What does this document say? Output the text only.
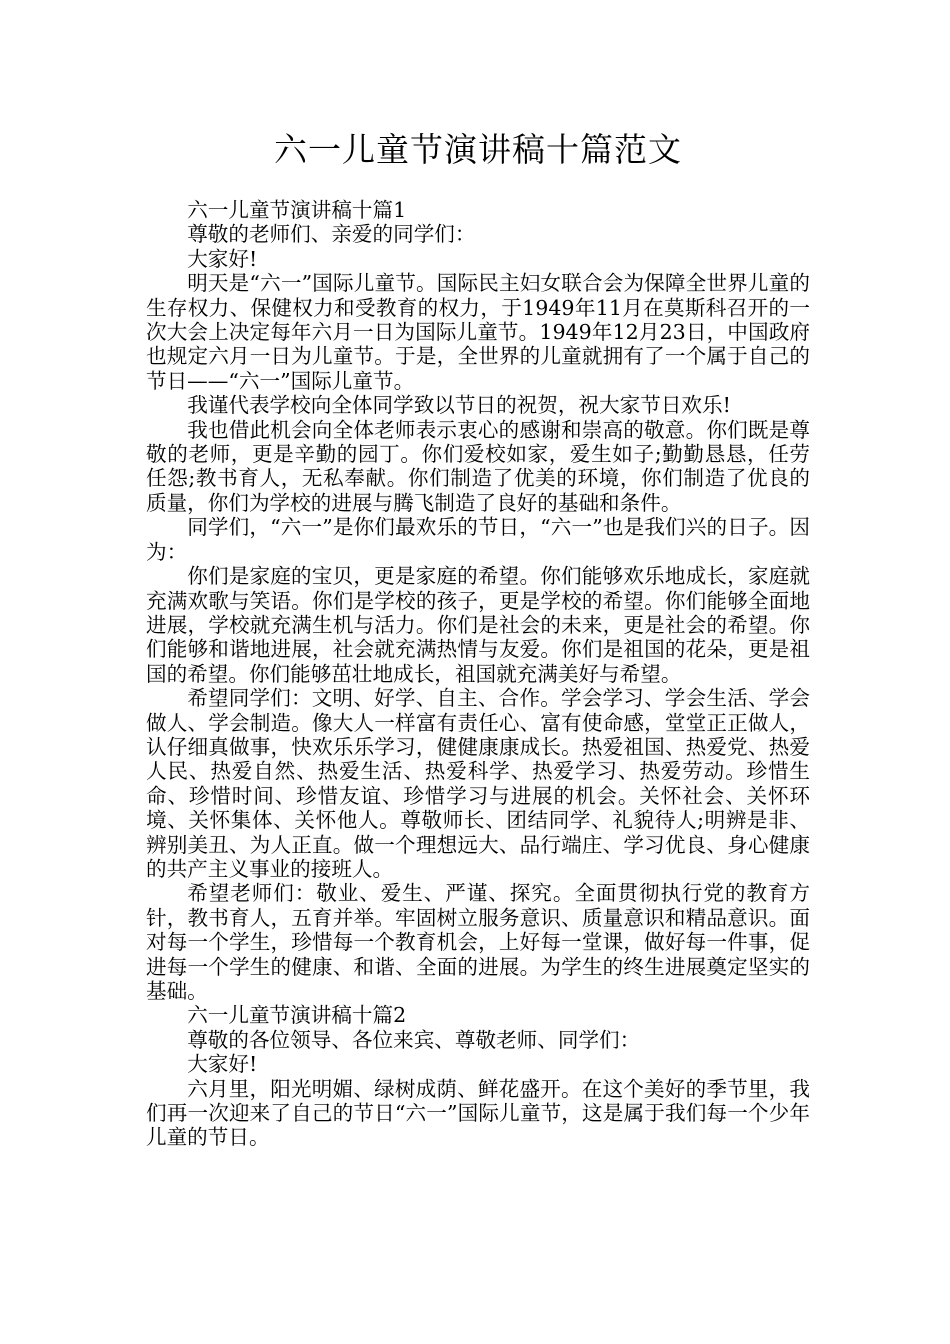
六一儿童节演讲稿十篇范文

六一儿童节演讲稿十篇1

尊敬的老师们、亲爱的同学们：

大家好!

明天是“六一”国际儿童节。国际民主妇女联合会为保障全世界儿童的生存权力、保健权力和受教育的权力，于1949年11月在莫斯科召开的一次大会上决定每年六月一日为国际儿童节。1949年12月23日，中国政府也规定六月一日为儿童节。于是，全世界的儿童就拥有了一个属于自己的节日——“六一”国际儿童节。

我谨代表学校向全体同学致以节日的祝贺，祝大家节日欢乐!

我也借此机会向全体老师表示衷心的感谢和崇高的敬意。你们既是尊敬的老师，更是辛勤的园丁。你们爱校如家，爱生如子;勤勤恳恳，任劳任怨;教书育人，无私奉献。你们制造了优美的环境，你们制造了优良的质量，你们为学校的进展与腾飞制造了良好的基础和条件。

同学们，“六一”是你们最欢乐的节日，“六一”也是我们兴的日子。因为：

你们是家庭的宝贝，更是家庭的希望。你们能够欢乐地成长，家庭就充满欢歌与笑语。你们是学校的孩子，更是学校的希望。你们能够全面地进展，学校就充满生机与活力。你们是社会的未来，更是社会的希望。你们能够和谐地进展，社会就充满热情与友爱。你们是祖国的花朵，更是祖国的希望。你们能够茁壮地成长，祖国就充满美好与希望。

希望同学们：文明、好学、自主、合作。学会学习、学会生活、学会做人、学会制造。像大人一样富有责任心、富有使命感，堂堂正正做人，认仔细真做事，快欢乐乐学习，健健康康成长。热爱祖国、热爱党、热爱人民、热爱自然、热爱生活、热爱科学、热爱学习、热爱劳动。珍惜生命、珍惜时间、珍惜友谊、珍惜学习与进展的机会。关怀社会、关怀环境、关怀集体、关怀他人。尊敬师长、团结同学、礼貌待人;明辨是非、辨别美丑、为人正直。做一个理想远大、品行端庄、学习优良、身心健康的共产主义事业的接班人。

希望老师们：敬业、爱生、严谨、探究。全面贯彻执行党的教育方针，教书育人，五育并举。牢固树立服务意识、质量意识和精品意识。面对每一个学生，珍惜每一个教育机会，上好每一堂课，做好每一件事，促进每一个学生的健康、和谐、全面的进展。为学生的终生进展奠定坚实的基础。

六一儿童节演讲稿十篇2

尊敬的各位领导、各位来宾、尊敬老师、同学们：

大家好!

六月里，阳光明媚、绿树成荫、鲜花盛开。在这个美好的季节里，我们再一次迎来了自己的节日“六一”国际儿童节，这是属于我们每一个少年儿童的节日。
